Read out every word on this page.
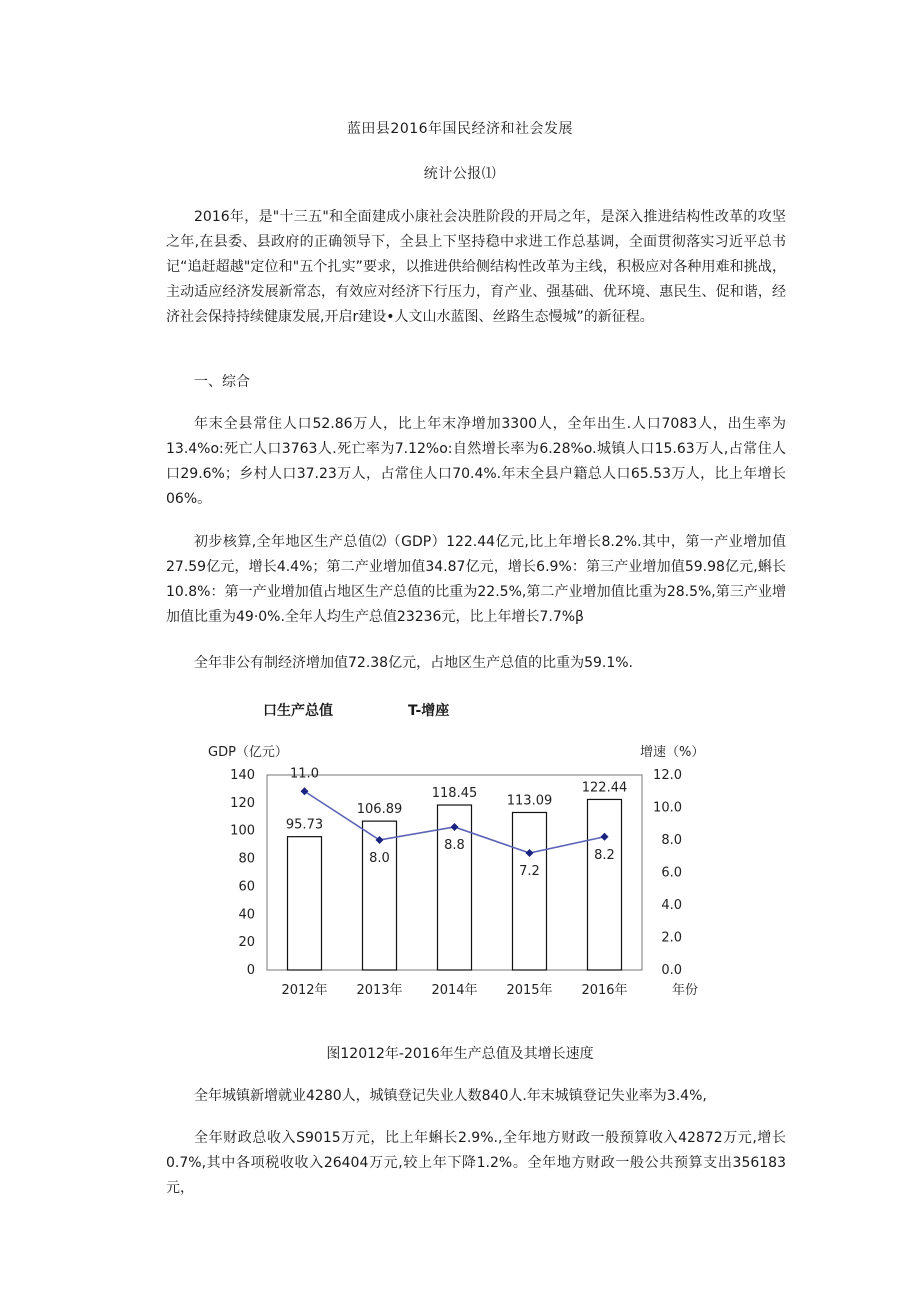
蓝田县2016年国民经济和社会发展
统计公报⑴

2016年，是"十三五"和全面建成小康社会决胜阶段的开局之年，是深入推进结构性改革的攻坚之年,在县委、县政府的正确领导下，全县上下坚持稳中求进工作总基调，全面贯彻落实习近平总书记“追赶超越"定位和"五个扎实”要求，以推进供给侧结构性改革为主线，积极应对各种用难和挑战，主动适应经济发展新常态，有效应对经济下行压力，育产业、强基础、优环境、惠民生、促和谐，经济社会保持持续健康发展,开启r建设•人文山水蓝图、丝路生态慢城”的新征程。

一、综合

年末全县常住人口52.86万人，比上年末净增加3300人，全年出生.人口7083人，出生率为13.4%o:死亡人口3763人.死亡率为7.12%o:自然增长率为6.28%o.城镇人口15.63万人,占常住人口29.6%；乡村人口37.23万人，占常住人口70.4%.年末全县户籍总人口65.53万人，比上年增长06%。

初步核算,全年地区生产总值⑵（GDP）122.44亿元,比上年增长8.2%.其中，第一产业增加值27.59亿元，增长4.4%；第二产业增加值34.87亿元，增长6.9%：第三产业增加值59.98亿元,蝌长10.8%：第一产业增加值占地区生产总值的比重为22.5%,第二产业增加值比重为28.5%,第三产业增加值比重为49·0%.全年人均生产总值23236元，比上年增长7.7%β

全年非公有制经济增加值72.38亿元，占地区生产总值的比重为59.1%.

口生产总值	T-增座
GDP（亿元）	增速（%）
年份
0
20
40
60
80
100
120
140
0.0
2.0
4.0
6.0
8.0
10.0
12.0
95.73
106.89
118.45 113.09
122.44
11.0
8.0
8.8
7.2
8.2
2012年 2013年 2014年 2015年 2016年
图12012年-2016年生产总值及其增长速度

全年城镇新增就业4280人，城镇登记失业人数840人.年末城镇登记失业率为3.4%,

全年财政总收入S9015万元，比上年蝌长2.9%.,全年地方财政一般预算收入42872万元,增长0.7%,其中各项税收收入26404万元,较上年下降1.2%。全年地方财政一般公共预算支出356183元，
